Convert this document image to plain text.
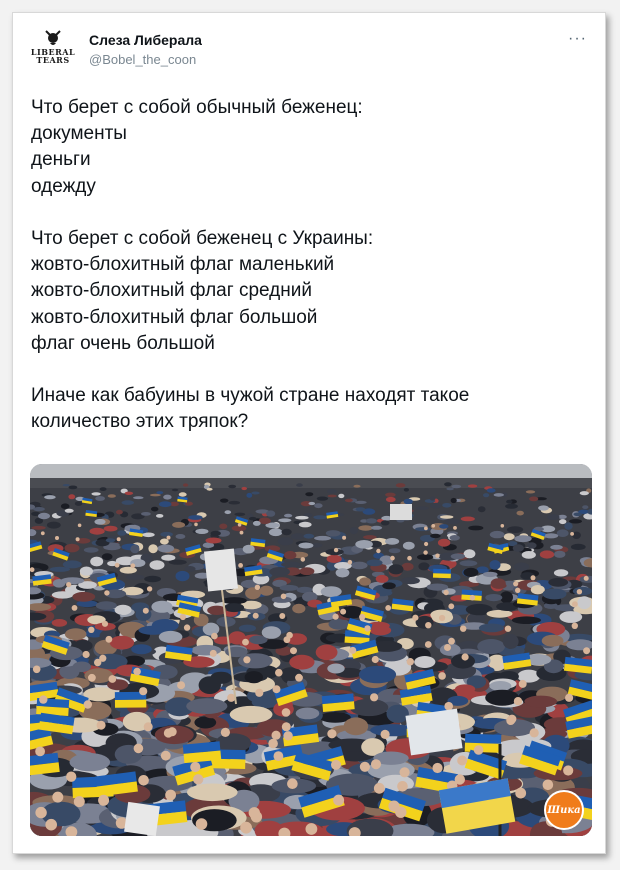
LIBERAL
TEARS
Слеза Либерала
@Bobel_the_coon
···
Что берет с собой обычный беженец:
документы
деньги
одежду
Что берет с собой беженец с Украины:
жовто-блохитный флаг маленький
жовто-блохитный флаг средний
жовто-блохитный флаг большой
флаг очень большой
Иначе как бабуины в чужой стране находят такое
количество этих тряпок?
Шика
